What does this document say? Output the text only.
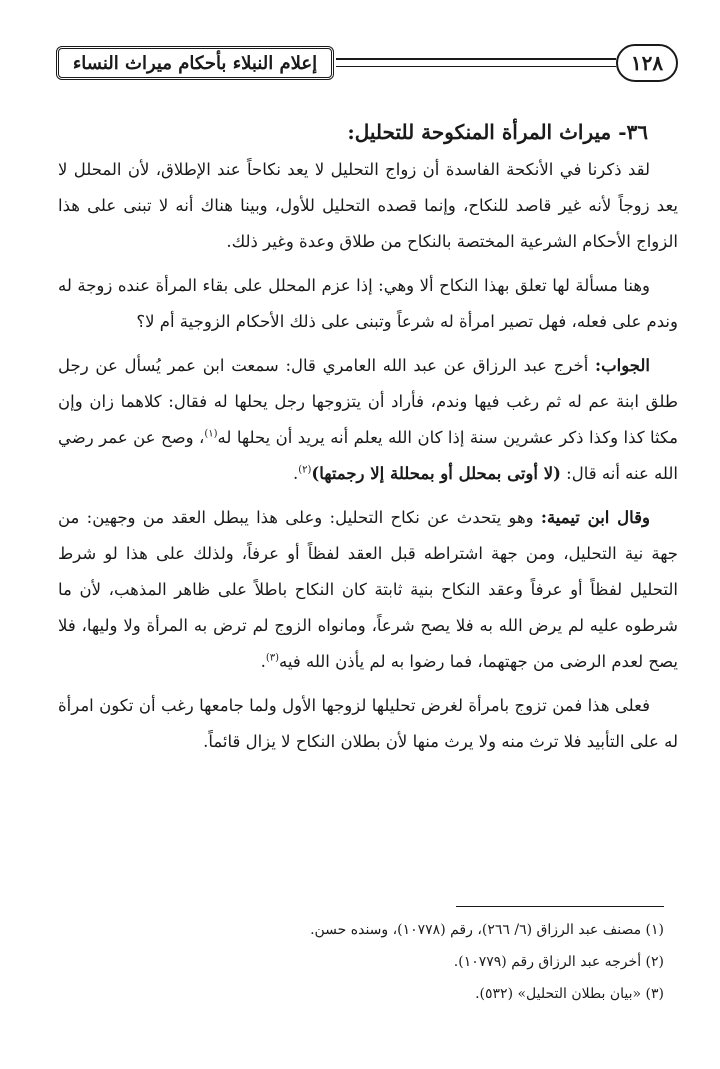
إعلام النبلاء بأحكام ميراث النساء	١٢٨

٣٦- ميراث المرأة المنكوحة للتحليل:

لقد ذكرنا في الأنكحة الفاسدة أن زواج التحليل لا يعد نكاحاً عند الإطلاق، لأن المحلل لا يعد زوجاً لأنه غير قاصد للنكاح، وإنما قصده التحليل للأول، وبينا هناك أنه لا تبنى على هذا الزواج الأحكام الشرعية المختصة بالنكاح من طلاق وعدة وغير ذلك.

وهنا مسألة لها تعلق بهذا النكاح ألا وهي: إذا عزم المحلل على بقاء المرأة عنده زوجة له وندم على فعله، فهل تصير امرأة له شرعاً وتبنى على ذلك الأحكام الزوجية أم لا؟

الجواب: أخرج عبد الرزاق عن عبد الله العامري قال: سمعت ابن عمر يُسأل عن رجل طلق ابنة عم له ثم رغب فيها وندم، فأراد أن يتزوجها رجل يحلها له فقال: كلاهما زان وإن مكثا كذا وكذا ذكر عشرين سنة إذا كان الله يعلم أنه يريد أن يحلها له$^{(١)}$، وصح عن عمر رضي الله عنه أنه قال: (لا أوتى بمحلل أو بمحللة إلا رجمتها)$^{(٢)}$.

وقال ابن تيمية: وهو يتحدث عن نكاح التحليل: وعلى هذا يبطل العقد من وجهين: من جهة نية التحليل، ومن جهة اشتراطه قبل العقد لفظاً أو عرفاً، ولذلك على هذا لو شرط التحليل لفظاً أو عرفاً وعقد النكاح بنية ثابتة كان النكاح باطلاً على ظاهر المذهب، لأن ما شرطوه عليه لم يرض الله به فلا يصح شرعاً، ومانواه الزوج لم ترض به المرأة ولا وليها، فلا يصح لعدم الرضى من جهتهما، فما رضوا به لم يأذن الله فيه$^{(٣)}$.

فعلى هذا فمن تزوج بامرأة لغرض تحليلها لزوجها الأول ولما جامعها رغب أن تكون امرأة له على التأبيد فلا ترث منه ولا يرث منها لأن بطلان النكاح لا يزال قائماً.

(١) مصنف عبد الرزاق (٦/ ٢٦٦)، رقم (١٠٧٧٨)، وسنده حسن.

(٢) أخرجه عبد الرزاق رقم (١٠٧٧٩).

(٣) «بيان بطلان التحليل» (٥٣٢).
